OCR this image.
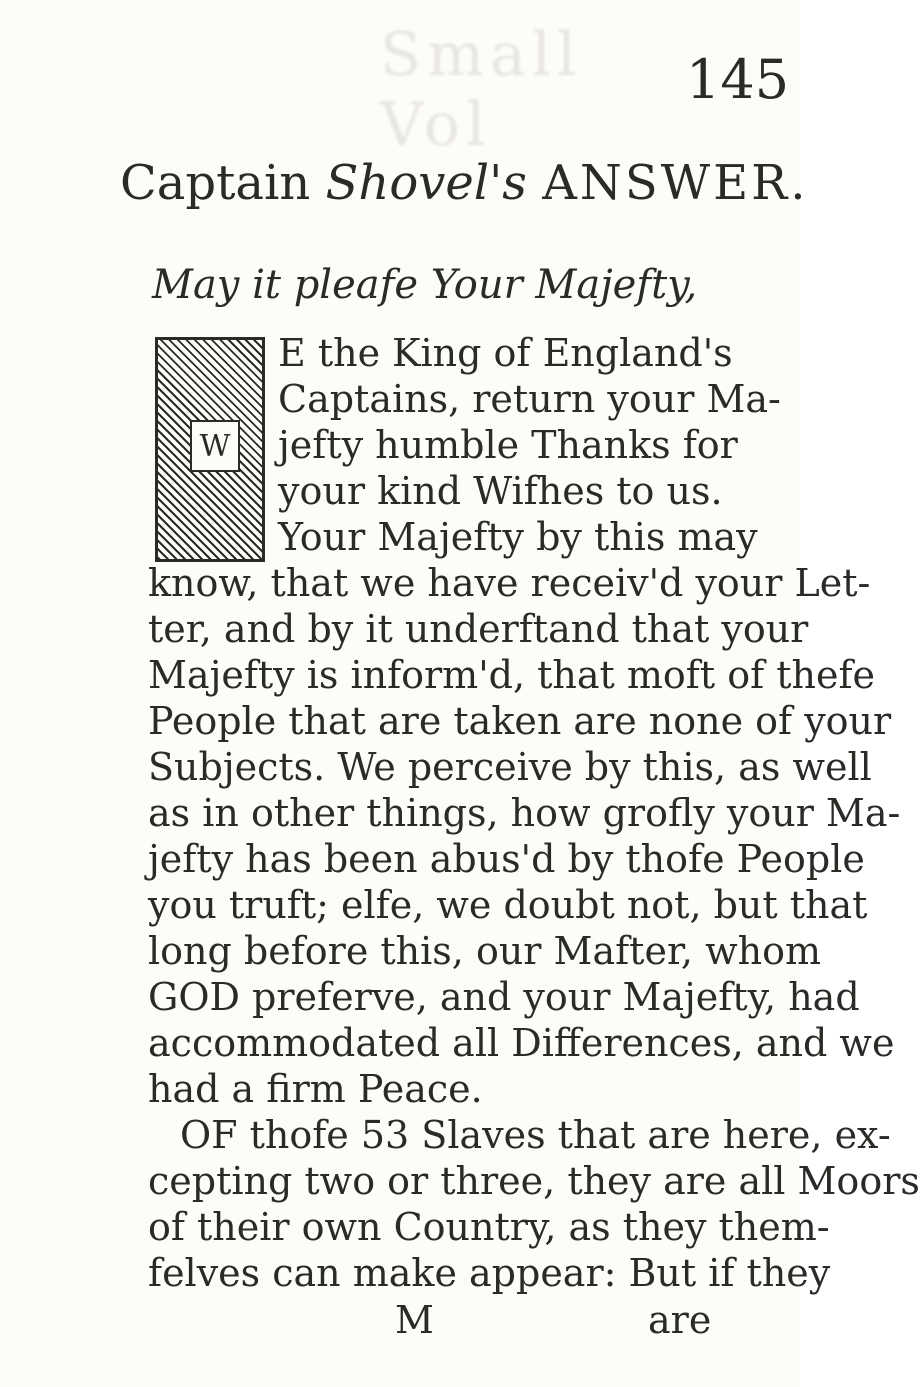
Small Vol
145
Captain Shovel's ANSWER.
May it pleafe Your Majefty,
W
E the King of England's
Captains, return your Ma-
jefty humble Thanks for
your kind Wifhes to us.
Your Majefty by this may
know, that we have receiv'd your Let-
ter, and by it underftand that your
Majefty is inform'd, that moft of thefe
People that are taken are none of your
Subjects. We perceive by this, as well
as in other things, how grofly your Ma-
jefty has been abus'd by thofe People
you truft; elfe, we doubt not, but that
long before this, our Mafter, whom
GOD preferve, and your Majefty, had
accommodated all Differences, and we
had a firm Peace.
OF thofe 53 Slaves that are here, ex-
cepting two or three, they are all Moors
of their own Country, as they them-
felves can make appear: But if they
M	are
